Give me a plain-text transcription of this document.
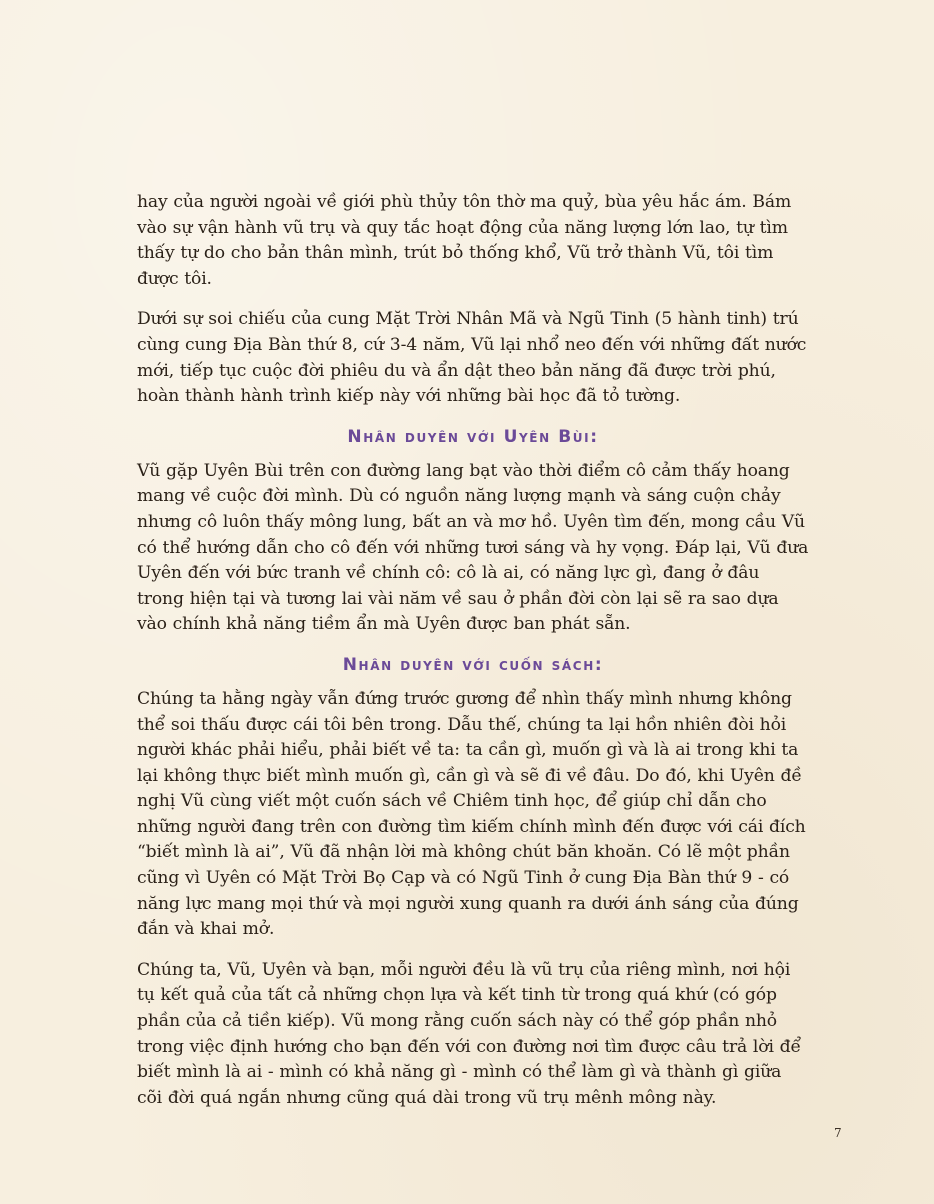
hay của người ngoài về giới phù thủy tôn thờ ma quỷ, bùa yêu hắc ám. Bám vào sự vận hành vũ trụ và quy tắc hoạt động của năng lượng lớn lao, tự tìm thấy tự do cho bản thân mình, trút bỏ thống khổ, Vũ trở thành Vũ, tôi tìm được tôi.

Dưới sự soi chiếu của cung Mặt Trời Nhân Mã và Ngũ Tinh (5 hành tinh) trú cùng cung Địa Bàn thứ 8, cứ 3-4 năm, Vũ lại nhổ neo đến với những đất nước mới, tiếp tục cuộc đời phiêu du và ẩn dật theo bản năng đã được trời phú, hoàn thành hành trình kiếp này với những bài học đã tỏ tường.

Nhân duyên với Uyên Bùi:

Vũ gặp Uyên Bùi trên con đường lang bạt vào thời điểm cô cảm thấy hoang mang về cuộc đời mình. Dù có nguồn năng lượng mạnh và sáng cuộn chảy nhưng cô luôn thấy mông lung, bất an và mơ hồ. Uyên tìm đến, mong cầu Vũ có thể hướng dẫn cho cô đến với những tươi sáng và hy vọng. Đáp lại, Vũ đưa Uyên đến với bức tranh về chính cô: cô là ai, có năng lực gì, đang ở đâu trong hiện tại và tương lai vài năm về sau ở phần đời còn lại sẽ ra sao dựa vào chính khả năng tiềm ẩn mà Uyên được ban phát sẵn.

Nhân duyên với cuốn sách:

Chúng ta hằng ngày vẫn đứng trước gương để nhìn thấy mình nhưng không thể soi thấu được cái tôi bên trong. Dẫu thế, chúng ta lại hồn nhiên đòi hỏi người khác phải hiểu, phải biết về ta: ta cần gì, muốn gì và là ai trong khi ta lại không thực biết mình muốn gì, cần gì và sẽ đi về đâu. Do đó, khi Uyên đề nghị Vũ cùng viết một cuốn sách về Chiêm tinh học, để giúp chỉ dẫn cho những người đang trên con đường tìm kiếm chính mình đến được với cái đích “biết mình là ai”, Vũ đã nhận lời mà không chút băn khoăn. Có lẽ một phần cũng vì Uyên có Mặt Trời Bọ Cạp và có Ngũ Tinh ở cung Địa Bàn thứ 9 - có năng lực mang mọi thứ và mọi người xung quanh ra dưới ánh sáng của đúng đắn và khai mở.

Chúng ta, Vũ, Uyên và bạn, mỗi người đều là vũ trụ của riêng mình, nơi hội tụ kết quả của tất cả những chọn lựa và kết tinh từ trong quá khứ (có góp phần của cả tiền kiếp). Vũ mong rằng cuốn sách này có thể góp phần nhỏ trong việc định hướng cho bạn đến với con đường nơi tìm được câu trả lời để biết mình là ai - mình có khả năng gì - mình có thể làm gì và thành gì giữa cõi đời quá ngắn nhưng cũng quá dài trong vũ trụ mênh mông này.

7
